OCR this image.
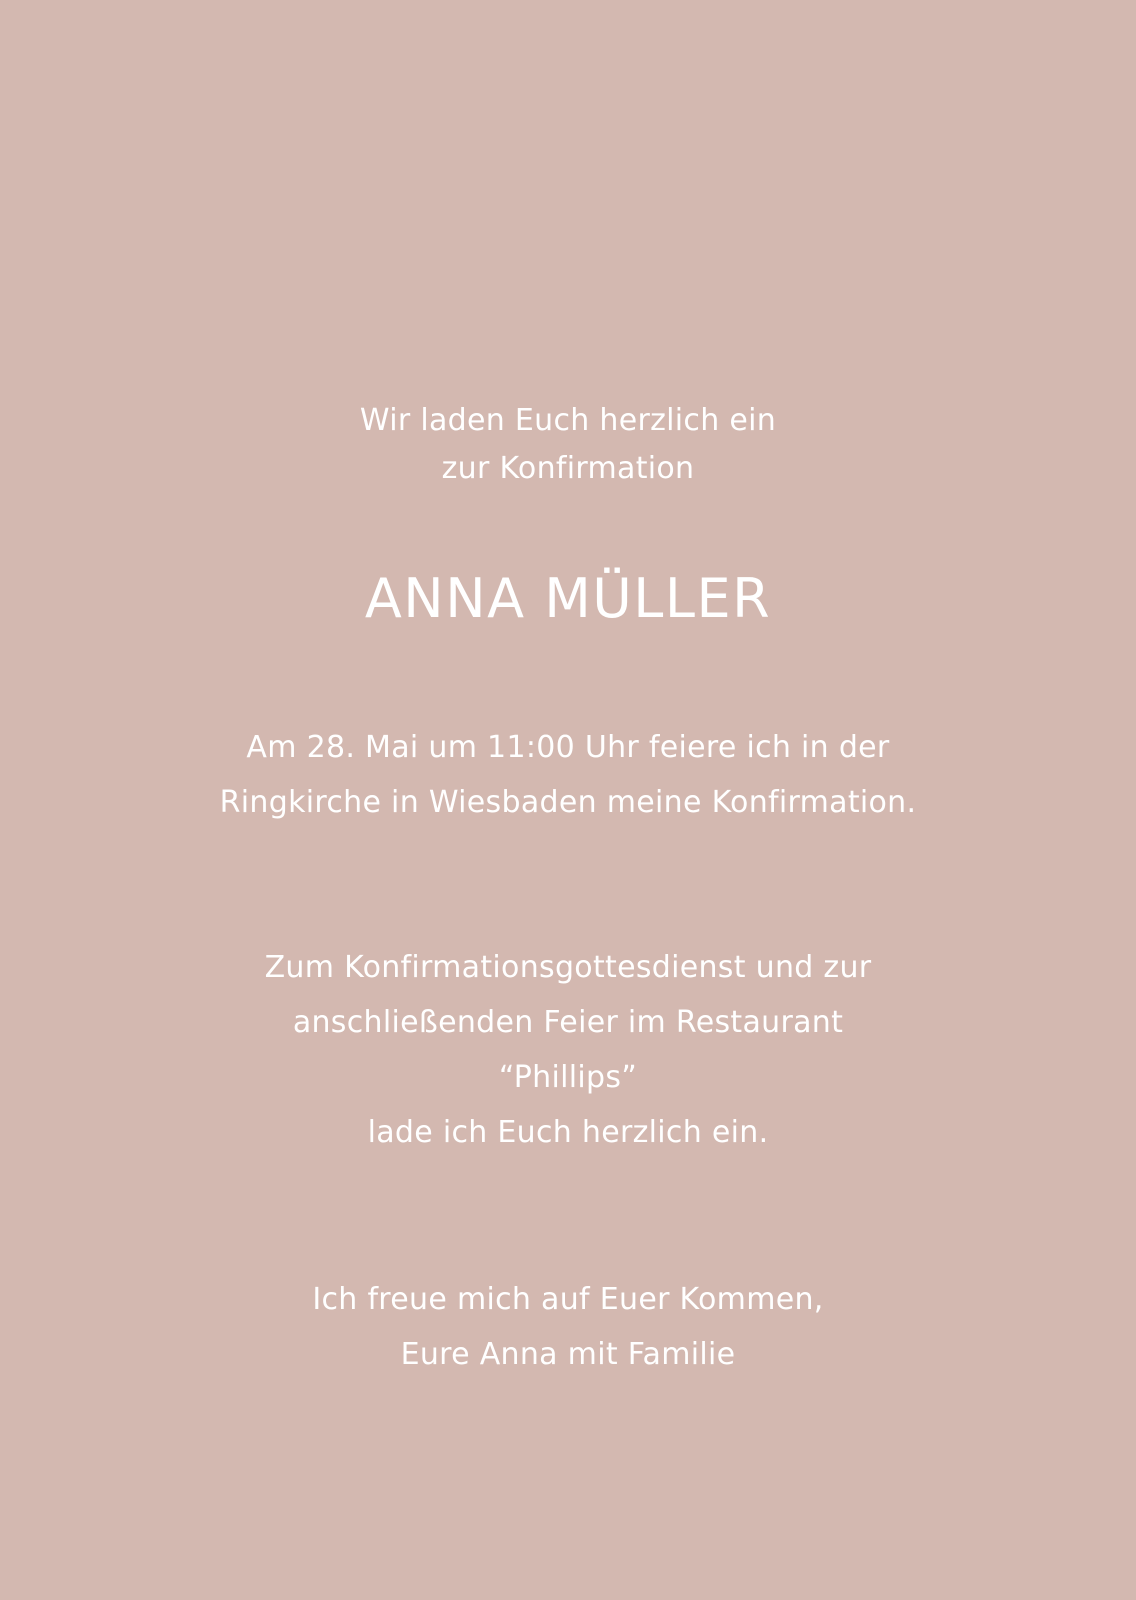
Wir laden Euch herzlich ein
zur Konfirmation
ANNA MÜLLER
Am 28. Mai um 11:00 Uhr feiere ich in der
Ringkirche in Wiesbaden meine Konfirmation.
Zum Konfirmationsgottesdienst und zur
anschließenden Feier im Restaurant
“Phillips”
lade ich Euch herzlich ein.
Ich freue mich auf Euer Kommen,
Eure Anna mit Familie
